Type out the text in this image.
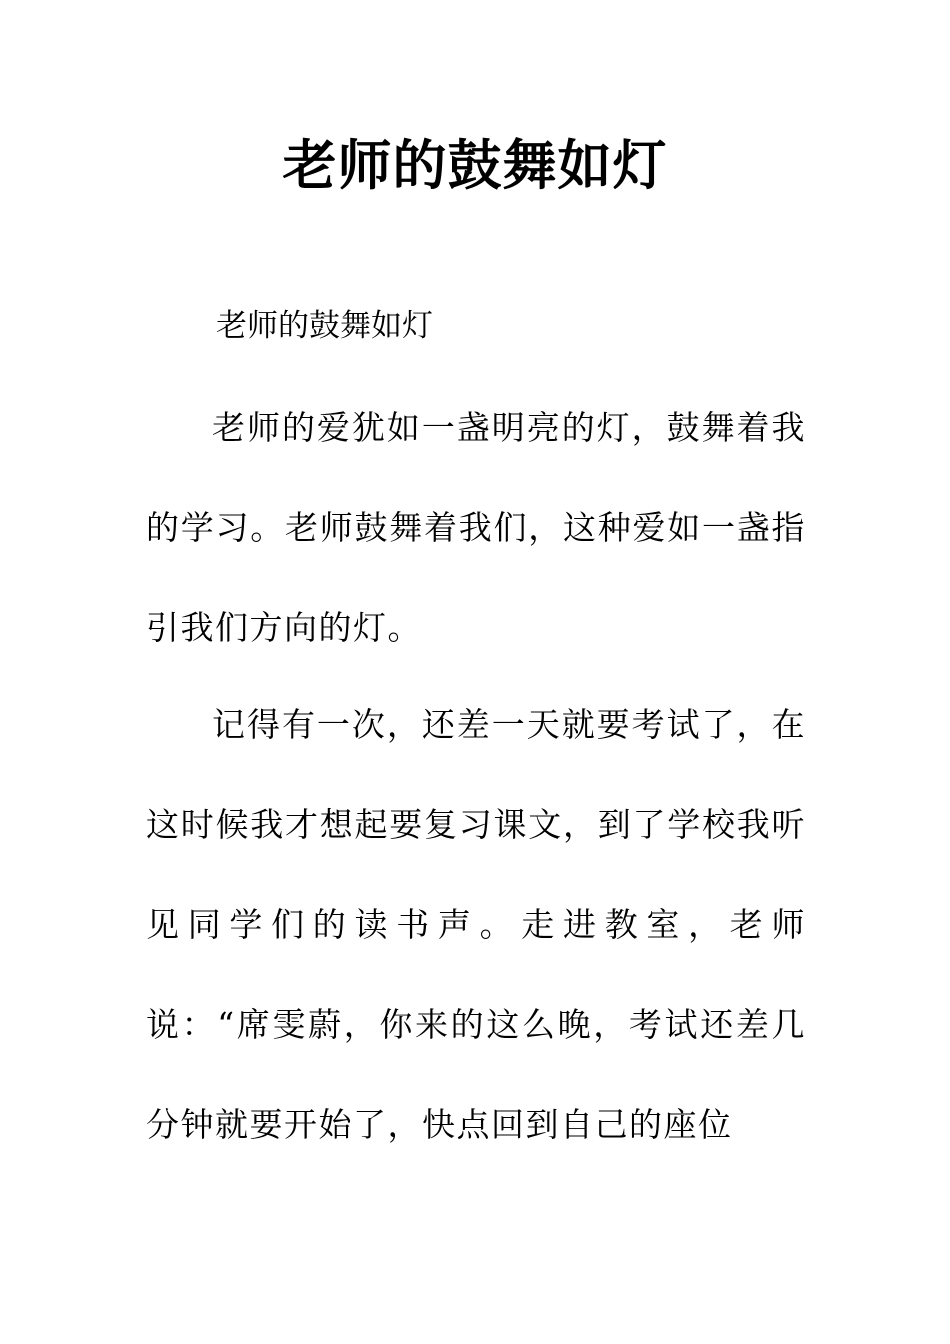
老师的鼓舞如灯

老师的鼓舞如灯

老师的爱犹如一盏明亮的灯，鼓舞着我的学习。老师鼓舞着我们，这种爱如一盏指引我们方向的灯。

记得有一次，还差一天就要考试了，在这时候我才想起要复习课文，到了学校我听见同学们的读书声。走进教室，老师说：“席雯蔚，你来的这么晚，考试还差几分钟就要开始了，快点回到自己的座位
